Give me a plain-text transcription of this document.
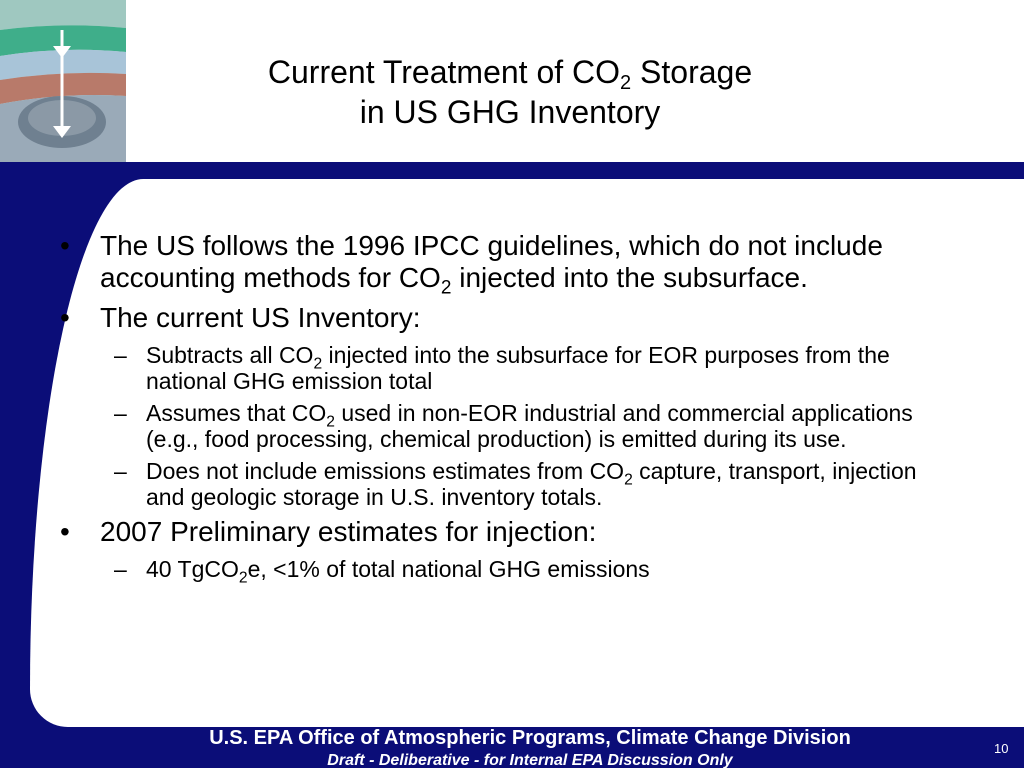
Current Treatment of $CO_2$ Storage
in US GHG Inventory
• The US follows the 1996 IPCC guidelines, which do not include accounting methods for $CO_2$ injected into the subsurface.
• The current US Inventory:
– Subtracts all $CO_2$ injected into the subsurface for EOR purposes from the national GHG emission total
– Assumes that $CO_2$ used in non-EOR industrial and commercial applications (e.g., food processing, chemical production) is emitted during its use.
– Does not include emissions estimates from $CO_2$ capture, transport, injection and geologic storage in U.S. inventory totals.
• 2007 Preliminary estimates for injection:
– 40 TgCO$_2$e, <1% of total national GHG emissions
U.S. EPA Office of Atmospheric Programs, Climate Change Division
Draft - Deliberative - for Internal EPA Discussion Only
10
